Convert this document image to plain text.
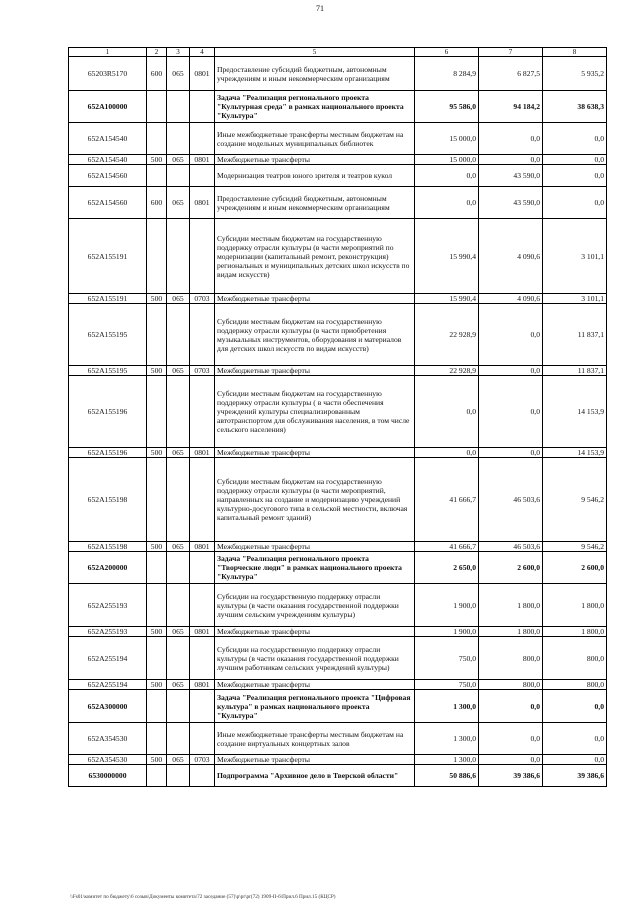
71
1	2	3	4	5	6	7	8
65203R5170	600	065	0801	Предоставление субсидий бюджетным, автономным учреждениям и иным некоммерческим организациям	8 284,9	6 827,5	5 935,2
652A100000				Задача "Реализация регионального проекта "Культурная среда" в рамках национального проекта "Культура"	95 586,0	94 184,2	38 638,3
652A154540				Иные межбюджетные трансферты местным бюджетам на создание модельных муниципальных библиотек	15 000,0	0,0	0,0
652A154540	500	065	0801	Межбюджетные трансферты	15 000,0	0,0	0,0
652A154560				Модернизация театров юного зрителя и театров кукол	0,0	43 590,0	0,0
652A154560	600	065	0801	Предоставление субсидий бюджетным, автономным учреждениям и иным некоммерческим организациям	0,0	43 590,0	0,0
652A155191				Субсидии местным бюджетам на государственную поддержку отрасли культуры (в части мероприятий по модернизации (капитальный ремонт, реконструкция) региональных и муниципальных детских школ искусств по видам искусств)	15 990,4	4 090,6	3 101,1
652A155191	500	065	0703	Межбюджетные трансферты	15 990,4	4 090,6	3 101,1
652A155195				Субсидии местным бюджетам на государственную поддержку отрасли культуры (в части приобретения музыкальных инструментов, оборудования и материалов для детских школ искусств по видам искусств)	22 928,9	0,0	11 837,1
652A155195	500	065	0703	Межбюджетные трансферты	22 928,9	0,0	11 837,1
652A155196				Субсидии местным бюджетам на государственную поддержку отрасли культуры ( в части обеспечения учреждений культуры специализированным автотранспортом для обслуживания населения, в том числе сельского населения)	0,0	0,0	14 153,9
652A155196	500	065	0801	Межбюджетные трансферты	0,0	0,0	14 153,9
652A155198				Субсидии местным бюджетам на государственную поддержку отрасли культуры (в части мероприятий, направленных на создание и модернизацию учреждений культурно-досугового типа в сельской местности, включая капитальный ремонт зданий)	41 666,7	46 503,6	9 546,2
652A155198	500	065	0801	Межбюджетные трансферты	41 666,7	46 503,6	9 546,2
652A200000				Задача "Реализация регионального проекта "Творческие люди" в рамках национального проекта "Культура"	2 650,0	2 600,0	2 600,0
652A255193				Субсидии на государственную поддержку отрасли культуры (в части оказания государственной поддержки лучшим сельским учреждениям культуры)	1 900,0	1 800,0	1 800,0
652A255193	500	065	0801	Межбюджетные трансферты	1 900,0	1 800,0	1 800,0
652A255194				Субсидии на государственную поддержку отрасли культуры (в части оказания государственной поддержки лучшим работникам сельских учреждений культуры)	750,0	800,0	800,0
652A255194	500	065	0801	Межбюджетные трансферты	750,0	800,0	800,0
652A300000				Задача "Реализация регионального проекта "Цифровая культура" в рамках национального проекта "Культура"	1 300,0	0,0	0,0
652A354530				Иные межбюджетные трансферты местным бюджетам на создание виртуальных концертных залов	1 300,0	0,0	0,0
652A354530	500	065	0703	Межбюджетные трансферты	1 300,0	0,0	0,0
6530000000				Подпрограмма "Архивное дело в Тверской области"	50 886,6	39 386,6	39 386,6
\\Fs01\комитет по бюджету\6 созыв\Документы комитета\72 заседание (57)\р\pr\pr(72) 1909-II-6\Прил.6 Прил.15 (КЦСР)
